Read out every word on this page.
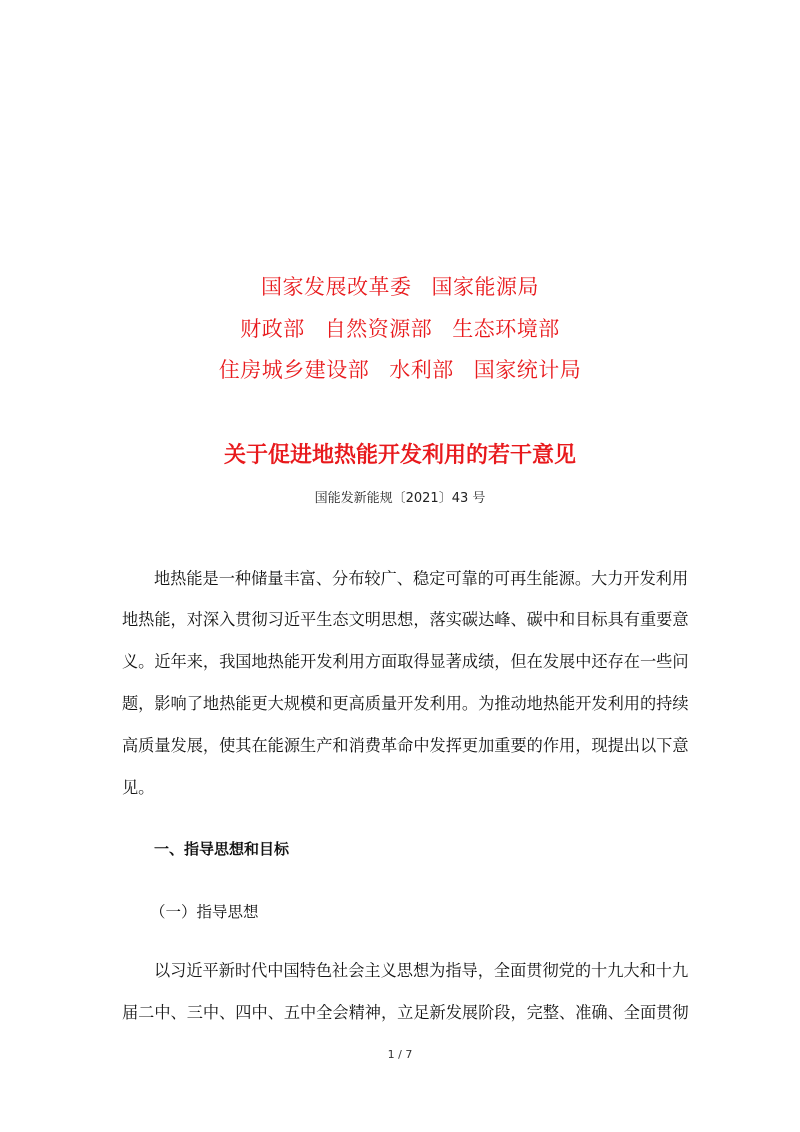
国家发展改革委 国家能源局
财政部 自然资源部 生态环境部
住房城乡建设部 水利部 国家统计局
关于促进地热能开发利用的若干意见
国能发新能规〔2021〕43 号
地热能是一种储量丰富、分布较广、稳定可靠的可再生能源。大力开发利用
地热能，对深入贯彻习近平生态文明思想，落实碳达峰、碳中和目标具有重要意
义。近年来，我国地热能开发利用方面取得显著成绩，但在发展中还存在一些问
题，影响了地热能更大规模和更高质量开发利用。为推动地热能开发利用的持续
高质量发展，使其在能源生产和消费革命中发挥更加重要的作用，现提出以下意
见。
一、指导思想和目标
（一）指导思想
以习近平新时代中国特色社会主义思想为指导，全面贯彻党的十九大和十九
届二中、三中、四中、五中全会精神，立足新发展阶段，完整、准确、全面贯彻
1 / 7
